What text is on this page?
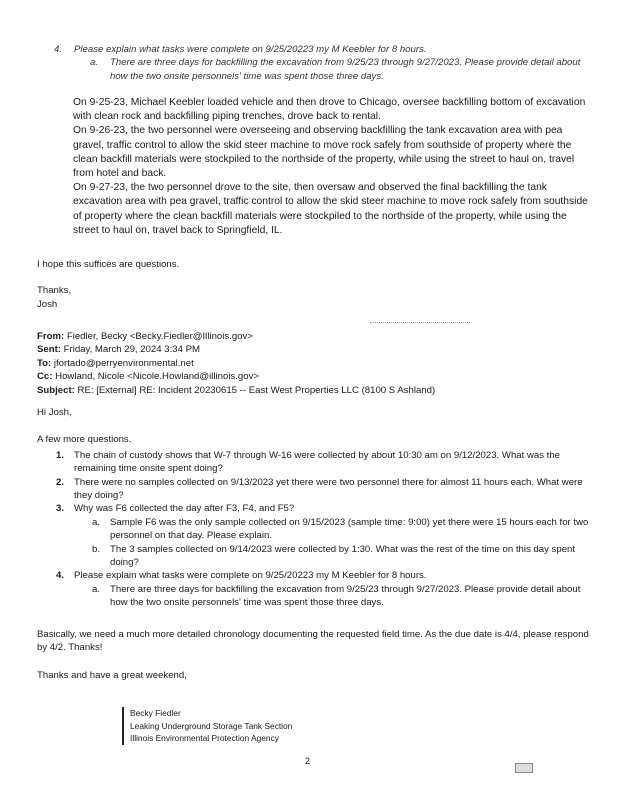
4.	Please explain what tasks were complete on 9/25/20223 my M Keebler for 8 hours.
a.	There are three days for backfilling the excavation from 9/25/23 through 9/27/2023. Please provide detail about how the two onsite personnels' time was spent those three days.

On 9-25-23, Michael Keebler loaded vehicle and then drove to Chicago, oversee backfilling bottom of excavation with clean rock and backfilling piping trenches, drove back to rental.

On 9-26-23, the two personnel were overseeing and observing backfilling the tank excavation area with pea gravel, traffic control to allow the skid steer machine to move rock safely from southside of property where the clean backfill materials were stockpiled to the northside of the property, while using the street to haul on, travel from hotel and back.

On 9-27-23, the two personnel drove to the site, then oversaw and observed the final backfilling the tank excavation area with pea gravel, traffic control to allow the skid steer machine to move rock safely from southside of property where the clean backfill materials were stockpiled to the northside of the property, while using the street to haul on, travel back to Springfield, IL.

I hope this suffices are questions.

Thanks,
Josh
From: Fiedler, Becky <Becky.Fiedler@Illinois.gov>
Sent: Friday, March 29, 2024 3:34 PM
To: jfortado@perryenvironmental.net
Cc: Howland, Nicole <Nicole.Howland@illinois.gov>
Subject: RE: [External] RE: Incident 20230615 -- East West Properties LLC (8100 S Ashland)

Hi Josh,

A few more questions.

1.	The chain of custody shows that W-7 through W-16 were collected by about 10:30 am on 9/12/2023. What was the remaining time onsite spent doing?
2.	There were no samples collected on 9/13/2023 yet there were two personnel there for almost 11 hours each. What were they doing?
3.	Why was F6 collected the day after F3, F4, and F5?
a.	Sample F6 was the only sample collected on 9/15/2023 (sample time: 9:00) yet there were 15 hours each for two personnel on that day. Please explain.
b.	The 3 samples collected on 9/14/2023 were collected by 1:30. What was the rest of the time on this day spent doing?
4.	Please explain what tasks were complete on 9/25/20223 my M Keebler for 8 hours.
a.	There are three days for backfilling the excavation from 9/25/23 through 9/27/2023. Please provide detail about how the two onsite personnels' time was spent those three days.

Basically, we need a much more detailed chronology documenting the requested field time. As the due date is 4/4, please respond by 4/2. Thanks!

Thanks and have a great weekend,

Becky Fiedler
Leaking Underground Storage Tank Section
Illinois Environmental Protection Agency
2
